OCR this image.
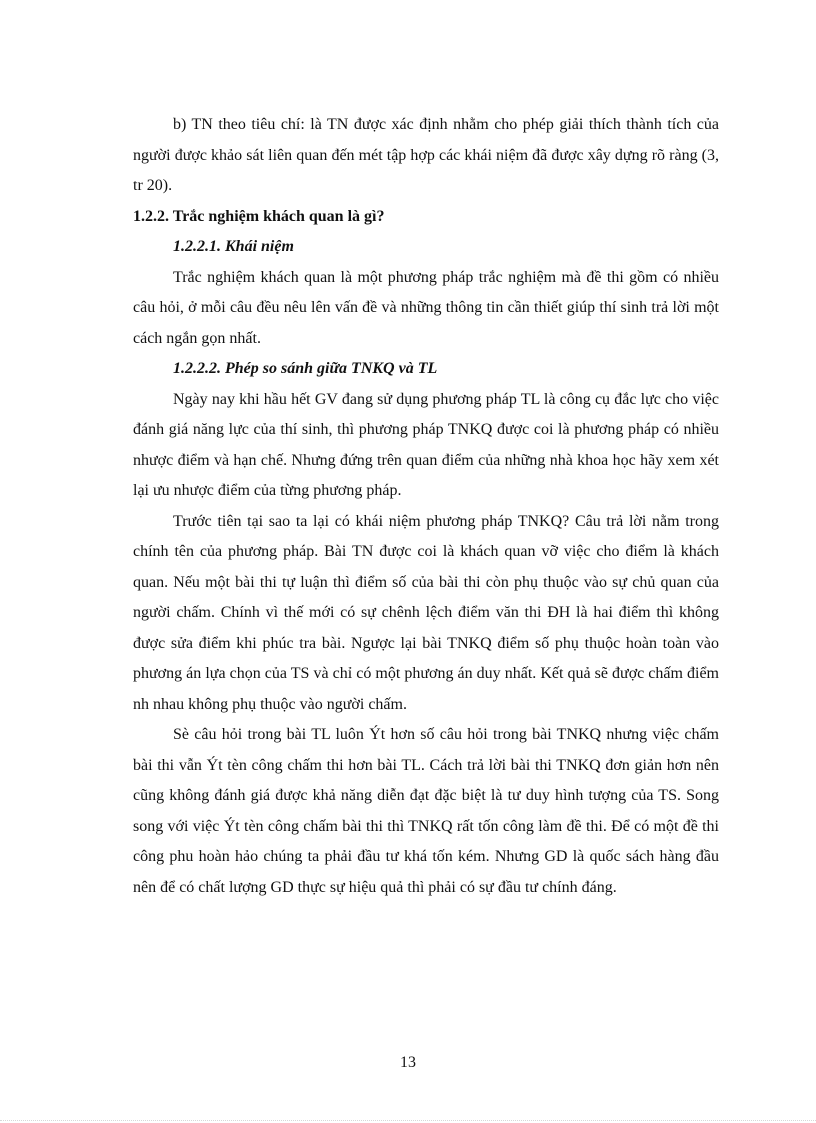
b) TN theo tiêu chí: là TN được xác định nhằm cho phép giải thích thành tích của người được khảo sát liên quan đến mét tập hợp các khái niệm đã được xây dựng rõ ràng (3, tr 20).

1.2.2. Trắc nghiệm khách quan là gì?

1.2.2.1. Khái niệm

Trắc nghiệm khách quan là một phương pháp trắc nghiệm mà đề thi gồm có nhiều câu hỏi, ở mỗi câu đều nêu lên vấn đề và những thông tin cần thiết giúp thí sinh trả lời một cách ngắn gọn nhất.

1.2.2.2. Phép so sánh giữa TNKQ và TL

Ngày nay khi hầu hết GV đang sử dụng phương pháp TL là công cụ đắc lực cho việc đánh giá năng lực của thí sinh, thì phương pháp TNKQ được coi là phương pháp có nhiều nhược điểm và hạn chế. Nhưng đứng trên quan điểm của những nhà khoa học hãy xem xét lại ưu nhược điểm của từng phương pháp.

Trước tiên tại sao ta lại có khái niệm phương pháp TNKQ? Câu trả lời nằm trong chính tên của phương pháp. Bài TN được coi là khách quan vỡ việc cho điểm là khách quan. Nếu một bài thi tự luận thì điểm số của bài thi còn phụ thuộc vào sự chủ quan của người chấm. Chính vì thế mới có sự chênh lệch điểm văn thi ĐH là hai điểm thì không được sửa điểm khi phúc tra bài. Ngược lại bài TNKQ điểm số phụ thuộc hoàn toàn vào phương án lựa chọn của TS và chỉ có một phương án duy nhất. Kết quả sẽ được chấm điểm nh nhau không phụ thuộc vào người chấm.

Sè câu hỏi trong bài TL luôn Ýt hơn số câu hỏi trong bài TNKQ nhưng việc chấm bài thi vẫn Ýt tèn công chấm thi hơn bài TL. Cách trả lời bài thi TNKQ đơn giản hơn nên cũng không đánh giá được khả năng diễn đạt đặc biệt là tư duy hình tượng của TS. Song song với việc Ýt tèn công chấm bài thi thì TNKQ rất tốn công làm đề thi. Để có một đề thi công phu hoàn hảo chúng ta phải đầu tư khá tốn kém. Nhưng GD là quốc sách hàng đầu nên để có chất lượng GD thực sự hiệu quả thì phải có sự đầu tư chính đáng.

13
